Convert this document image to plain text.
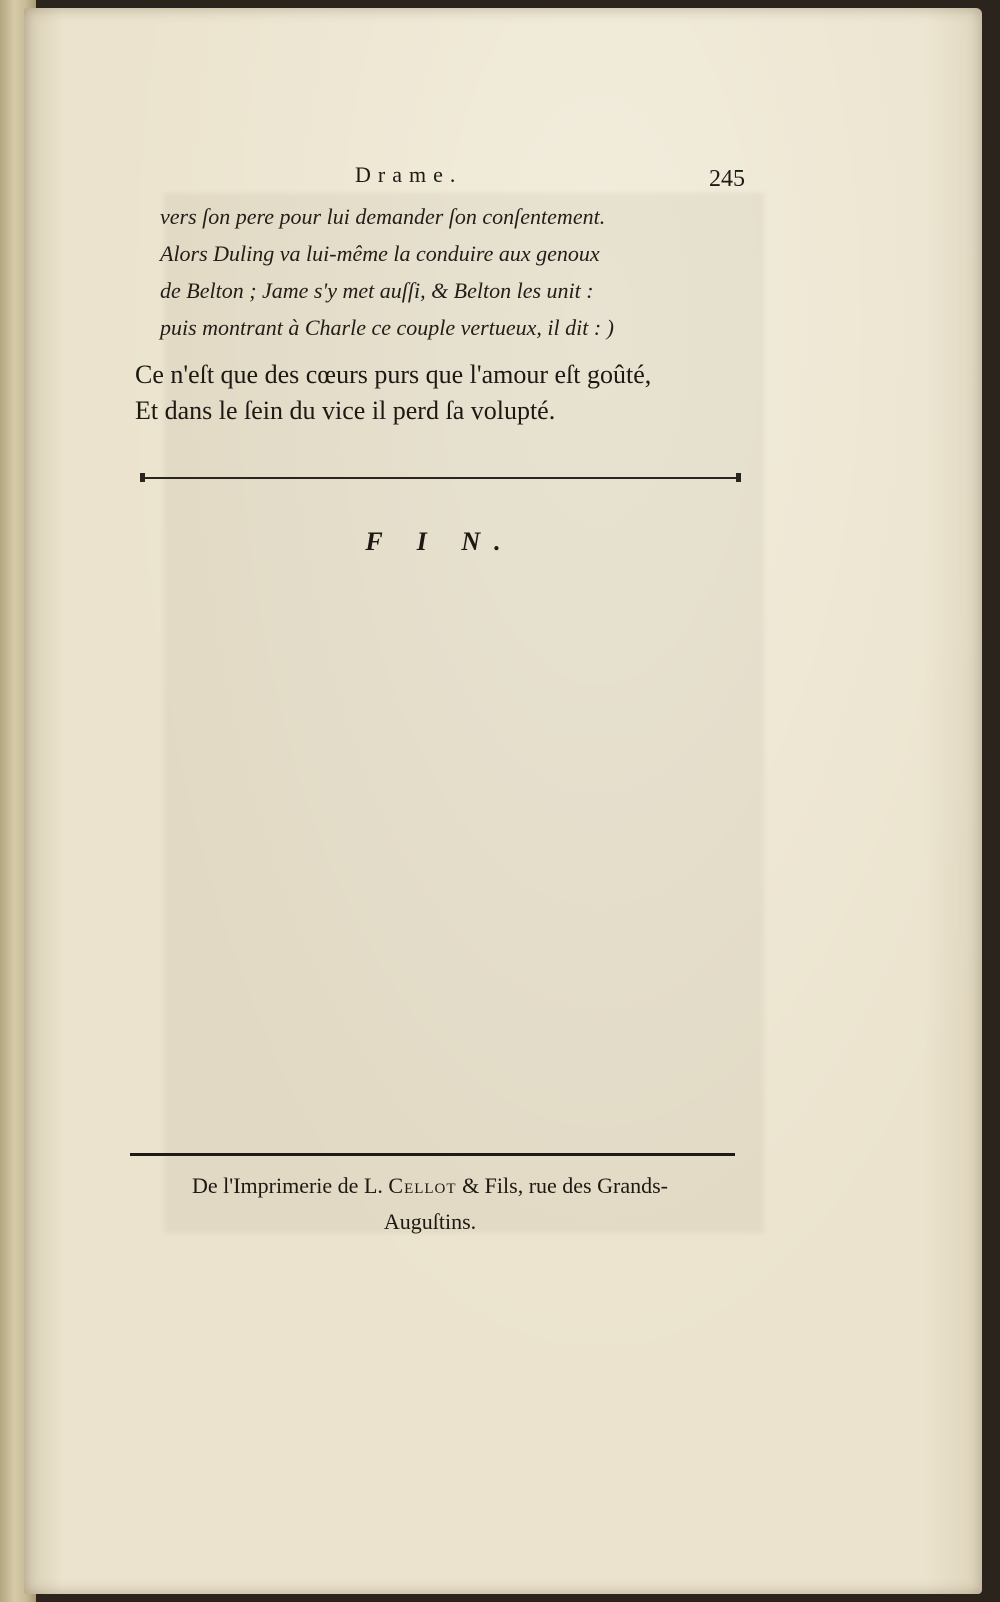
Drame.	245
vers ſon pere pour lui demander ſon conſentement.
Alors Duling va lui-même la conduire aux genoux
de Belton ; Jame s'y met auſſi, & Belton les unit :
puis montrant à Charle ce couple vertueux, il dit : )
Ce n'eſt que des cœurs purs que l'amour eſt goûté,
Et dans le ſein du vice il perd ſa volupté.
F I N.
De l'Imprimerie de L. Cellot & Fils, rue des Grands-
Auguſtins.
